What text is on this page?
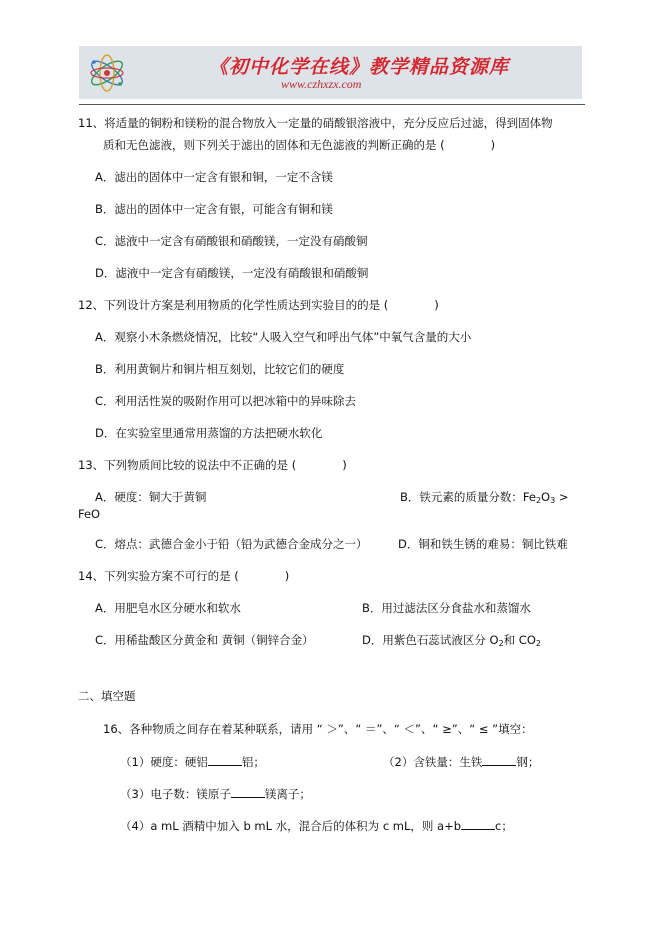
《初中化学在线》教学精品资源库
www.czhxzx.com
11、将适量的铜粉和镁粉的混合物放入一定量的硝酸银溶液中，充分反应后过滤，得到固体物
质和无色滤液，则下列关于滤出的固体和无色滤液的判断正确的是 (　　　　)
A．滤出的固体中一定含有银和铜，一定不含镁
B．滤出的固体中一定含有银，可能含有铜和镁
C．滤液中一定含有硝酸银和硝酸镁，一定没有硝酸铜
D．滤液中一定含有硝酸镁，一定没有硝酸银和硝酸铜
12、下列设计方案是利用物质的化学性质达到实验目的的是 (　　　　)
A．观察小木条燃烧情况，比较“人吸入空气和呼出气体”中氧气含量的大小
B．利用黄铜片和铜片相互刻划，比较它们的硬度
C．利用活性炭的吸附作用可以把冰箱中的异味除去
D．在实验室里通常用蒸馏的方法把硬水软化
13、下列物质间比较的说法中不正确的是 (　　　　)
A．硬度：铜大于黄铜	B．铁元素的质量分数：$Fe_2O_3$ >
FeO
C．熔点：武德合金小于铅（铅为武德合金成分之一）	D．铜和铁生锈的难易：铜比铁难
14、下列实验方案不可行的是 (　　　　)
A．用肥皂水区分硬水和软水	B．用过滤法区分食盐水和蒸馏水
C．用稀盐酸区分黄金和 黄铜（铜锌合金）	D．用紫色石蕊试液区分 $O_2$和 $CO_2$
二、填空题
16、各种物质之间存在着某种联系，请用 “ ＞”、“ ＝”、“ ＜”、“ ≥”、“ ≤ ”填空：
（1）硬度：硬铝	铝；	（2）含铁量：生铁	钢；
（3）电子数：镁原子	镁离子；
（4）a mL 酒精中加入 b mL 水，混合后的体积为 c mL，则 a+b	c；
